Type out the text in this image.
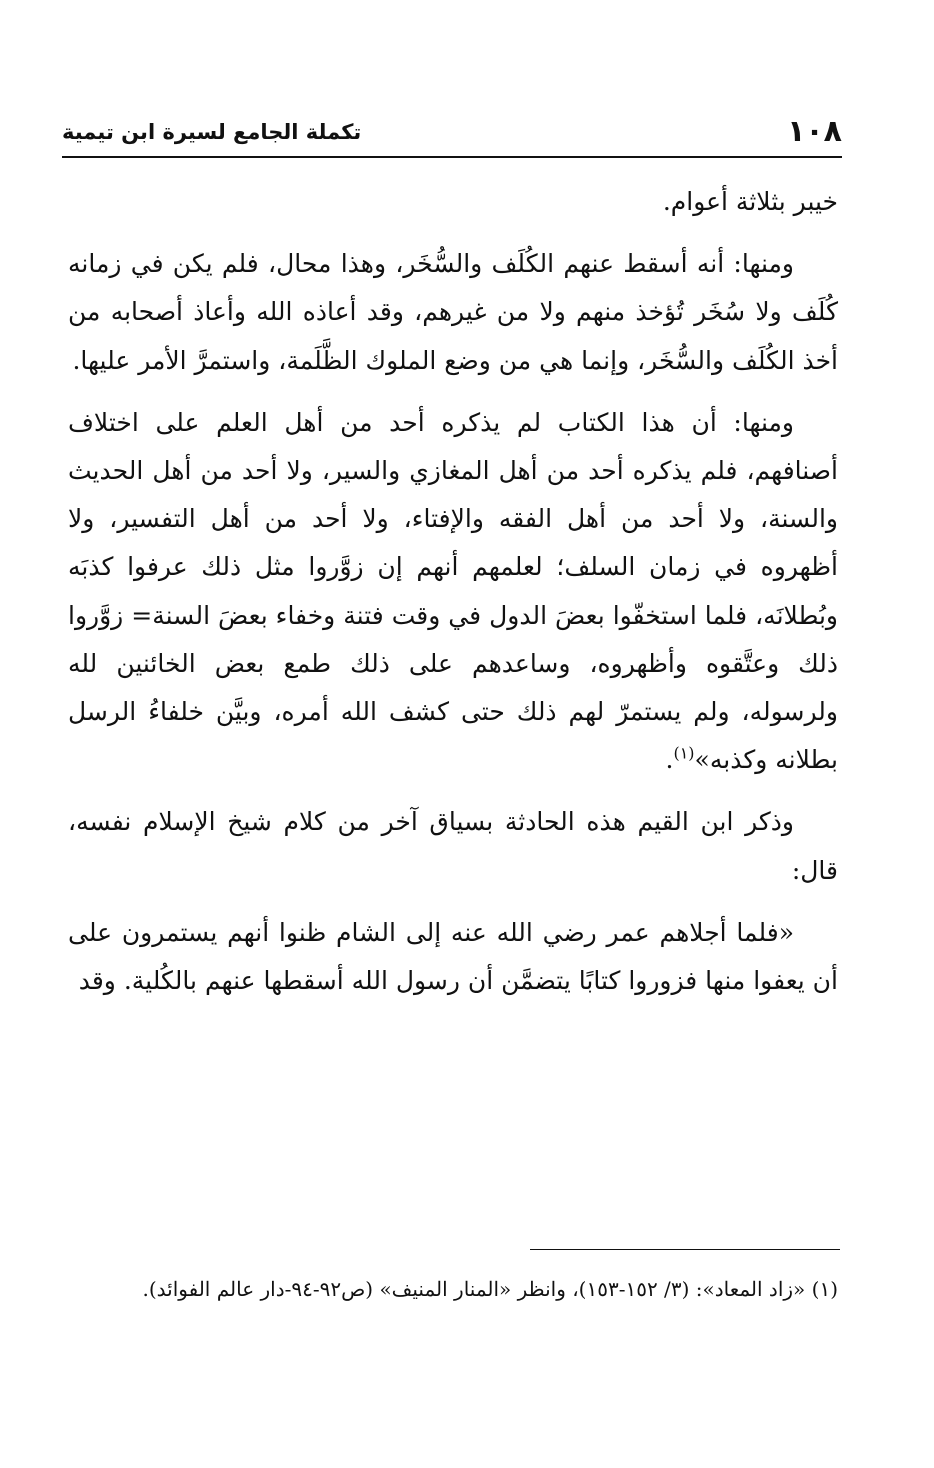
١٠٨
تكملة الجامع لسيرة ابن تيمية

خيبر بثلاثة أعوام.

ومنها: أنه أسقط عنهم الكُلَف والسُّخَر، وهذا محال، فلم يكن في زمانه كُلَف ولا سُخَر تُؤخذ منهم ولا من غيرهم، وقد أعاذه الله وأعاذ أصحابه من أخذ الكُلَف والسُّخَر، وإنما هي من وضع الملوك الظَّلَمة، واستمرَّ الأمر عليها.

ومنها: أن هذا الكتاب لم يذكره أحد من أهل العلم على اختلاف أصنافهم، فلم يذكره أحد من أهل المغازي والسير، ولا أحد من أهل الحديث والسنة، ولا أحد من أهل الفقه والإفتاء، ولا أحد من أهل التفسير، ولا أظهروه في زمان السلف؛ لعلمهم أنهم إن زوَّروا مثل ذلك عرفوا كذبَه وبُطلانَه، فلما استخفّوا بعضَ الدول في وقت فتنة وخفاء بعضَ السنة= زوَّروا ذلك وعتَّقوه وأظهروه، وساعدهم على ذلك طمع بعض الخائنين لله ولرسوله، ولم يستمرّ لهم ذلك حتى كشف الله أمره، وبيَّن خلفاءُ الرسل بطلانه وكذبه»$^{(١)}$.

وذكر ابن القيم هذه الحادثة بسياق آخر من كلام شيخ الإسلام نفسه، قال:

«فلما أجلاهم عمر رضي الله عنه إلى الشام ظنوا أنهم يستمرون على أن يعفوا منها فزوروا كتابًا يتضمَّن أن رسول الله أسقطها عنهم بالكُلية. وقد

(١) «زاد المعاد»: (٣/ ١٥٢-١٥٣)، وانظر «المنار المنيف» (ص٩٢-٩٤-دار عالم الفوائد).
